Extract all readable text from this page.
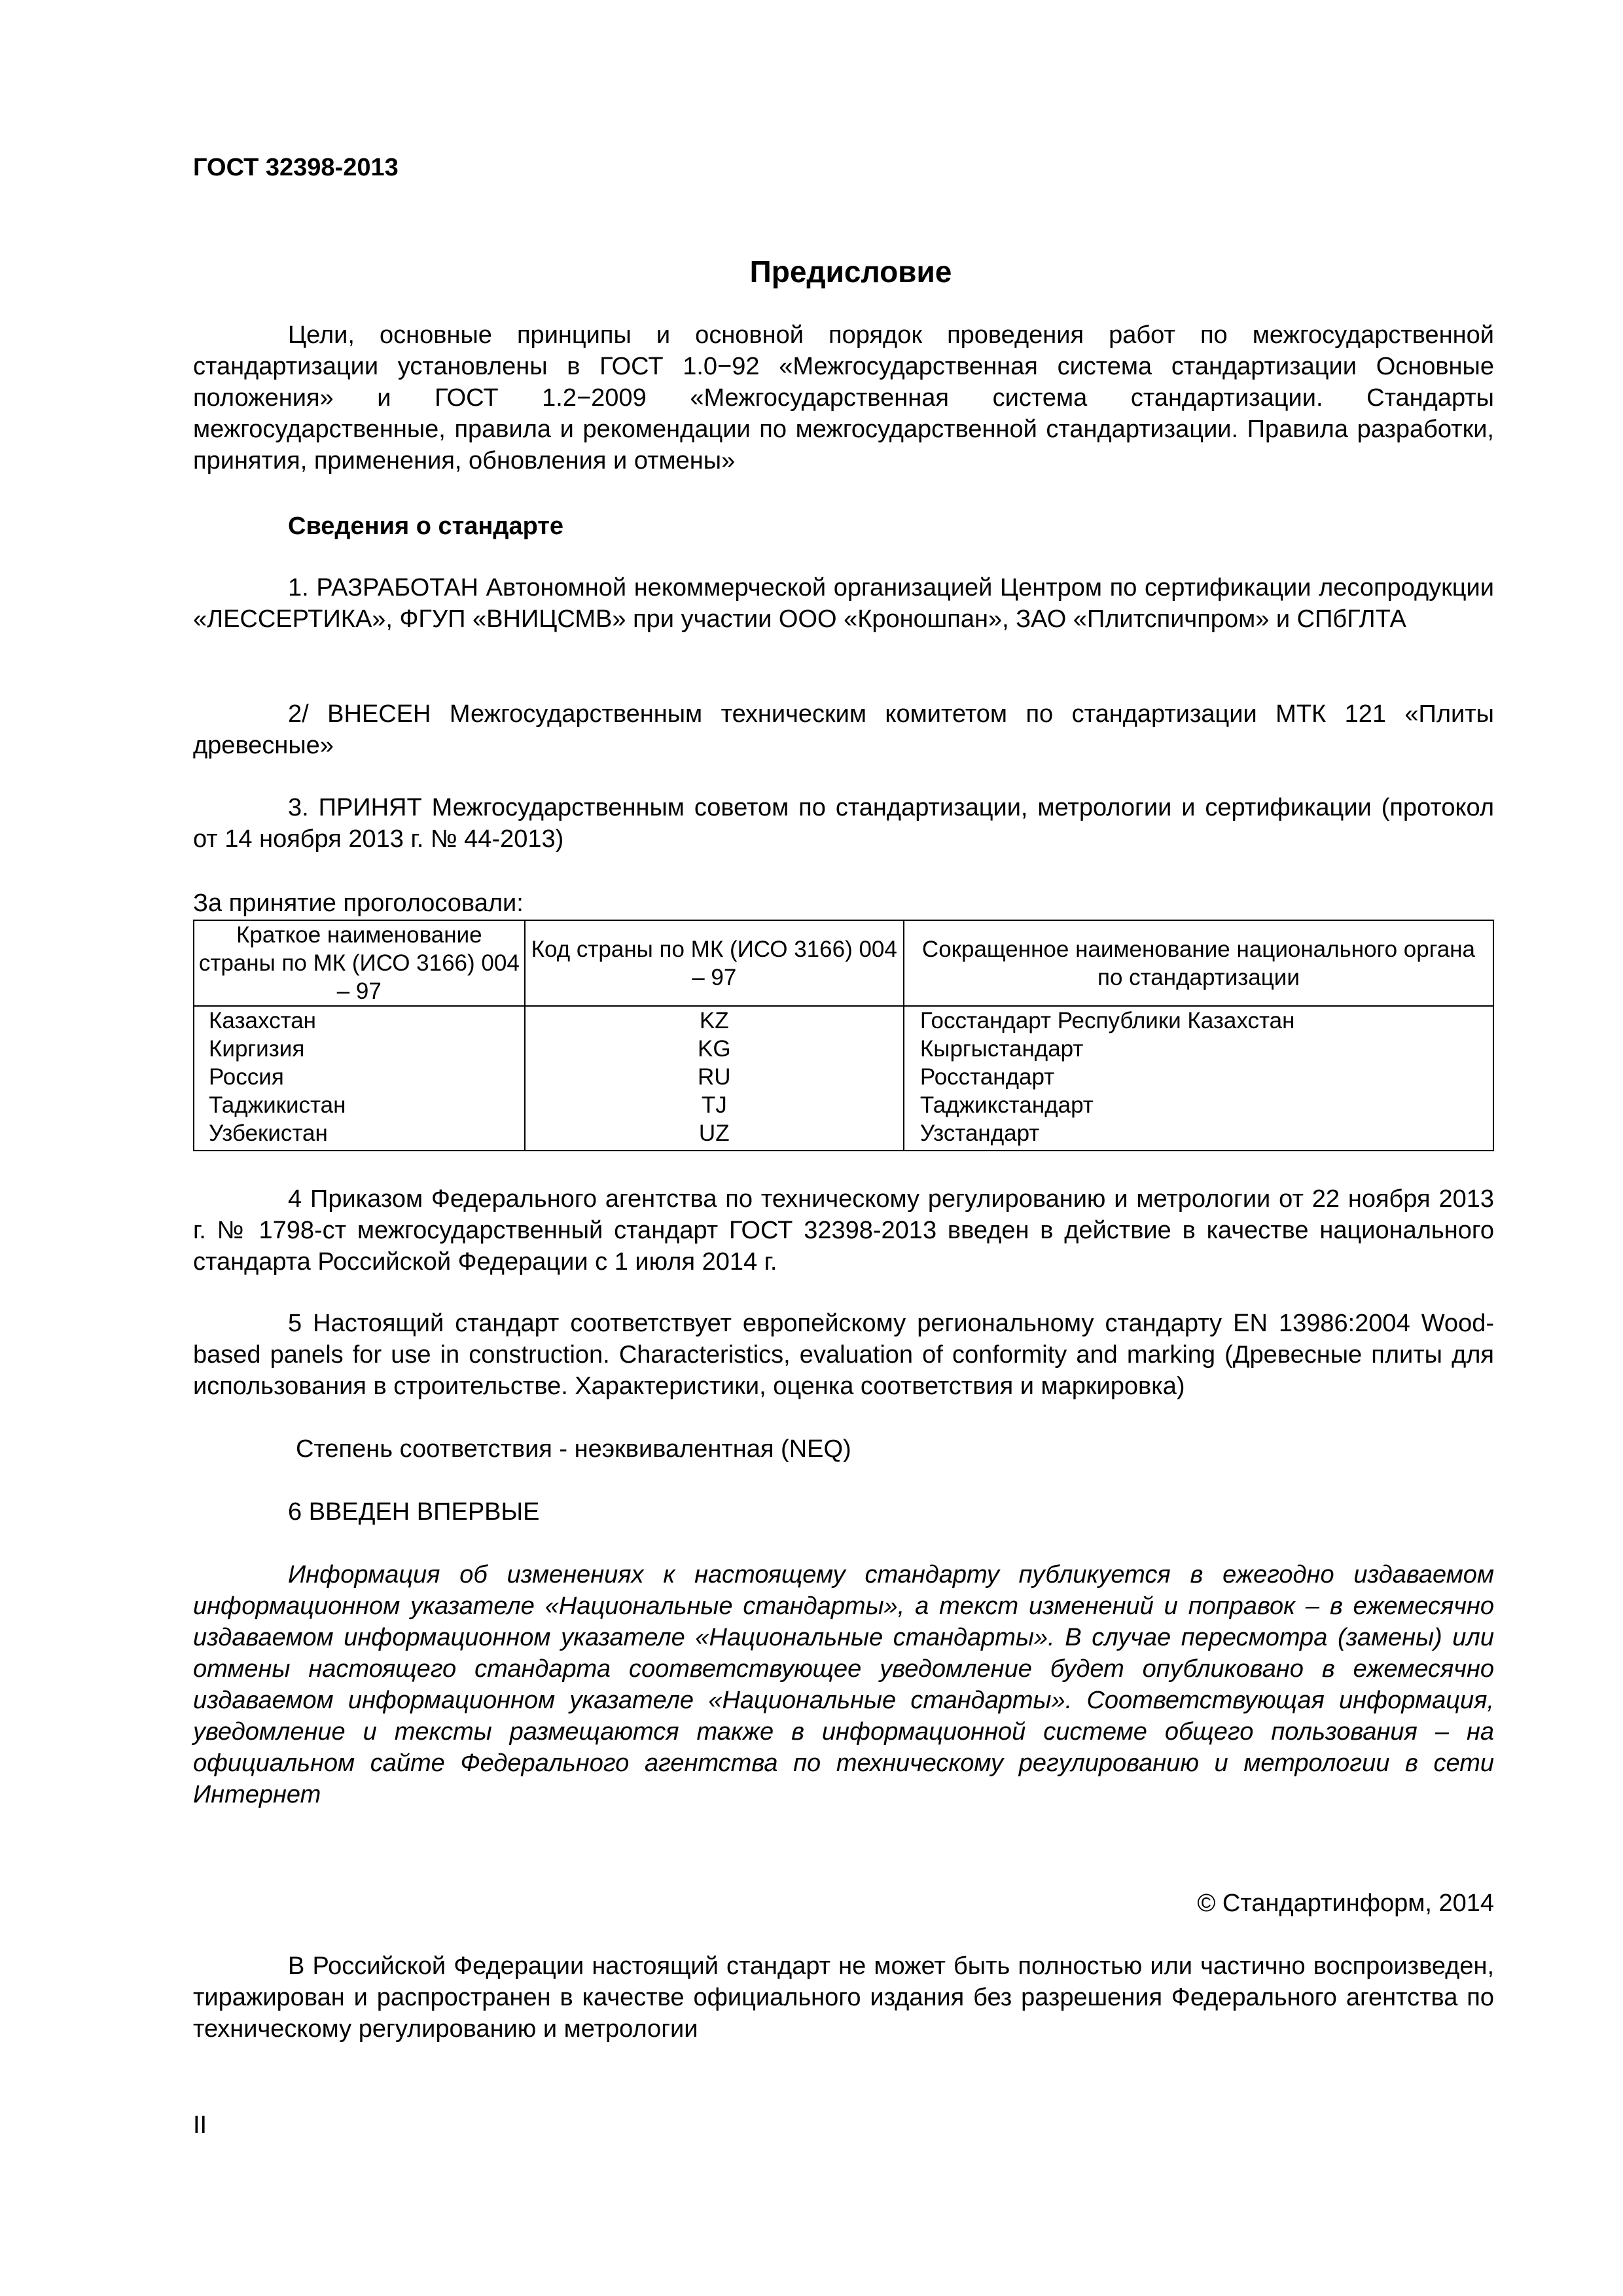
ГОСТ 32398-2013
Предисловие
Цели, основные принципы и основной порядок проведения работ по межгосударственной стандартизации установлены в ГОСТ 1.0−92 «Межгосударственная система стандартизации Основные положения» и ГОСТ 1.2−2009 «Межгосударственная система стандартизации. Стандарты межгосударственные, правила и рекомендации по межгосударственной стандартизации. Правила разработки, принятия, применения, обновления и отмены»
Сведения о стандарте
1. РАЗРАБОТАН Автономной некоммерческой организацией Центром по сертификации лесопродукции «ЛЕССЕРТИКА», ФГУП «ВНИЦСМВ» при участии ООО «Кроношпан», ЗАО «Плитспичпром» и СПбГЛТА
2/ ВНЕСЕН Межгосударственным техническим комитетом по стандартизации МТК 121 «Плиты древесные»
3. ПРИНЯТ Межгосударственным советом по стандартизации, метрологии и сертификации (протокол от 14 ноября 2013 г. № 44-2013)
За принятие проголосовали:
Краткое наименование страны по МК (ИСО 3166) 004 – 97	Код страны по МК (ИСО 3166) 004 – 97	Сокращенное наименование национального органа по стандартизации
Казахстан	KZ	Госстандарт Республики Казахстан
Киргизия	KG	Кыргыстандарт
Россия	RU	Росстандарт
Таджикистан	TJ	Таджикстандарт
Узбекистан	UZ	Узстандарт
4 Приказом Федерального агентства по техническому регулированию и метрологии от 22 ноября 2013 г. № 1798-ст межгосударственный стандарт ГОСТ 32398-2013 введен в действие в качестве национального стандарта Российской Федерации с 1 июля 2014 г.
5 Настоящий стандарт соответствует европейскому региональному стандарту EN 13986:2004 Wood-based panels for use in construction. Characteristics, evaluation of conformity and marking (Древесные плиты для использования в строительстве. Характеристики, оценка соответствия и маркировка)
Степень соответствия - неэквивалентная (NEQ)
6 ВВЕДЕН ВПЕРВЫЕ
Информация об изменениях к настоящему стандарту публикуется в ежегодно издаваемом информационном указателе «Национальные стандарты», а текст изменений и поправок – в ежемесячно издаваемом информационном указателе «Национальные стандарты». В случае пересмотра (замены) или отмены настоящего стандарта соответствующее уведомление будет опубликовано в ежемесячно издаваемом информационном указателе «Национальные стандарты». Соответствующая информация, уведомление и тексты размещаются также в информационной системе общего пользования – на официальном сайте Федерального агентства по техническому регулированию и метрологии в сети Интернет
© Стандартинформ, 2014
В Российской Федерации настоящий стандарт не может быть полностью или частично воспроизведен, тиражирован и распространен в качестве официального издания без разрешения Федерального агентства по техническому регулированию и метрологии
II
